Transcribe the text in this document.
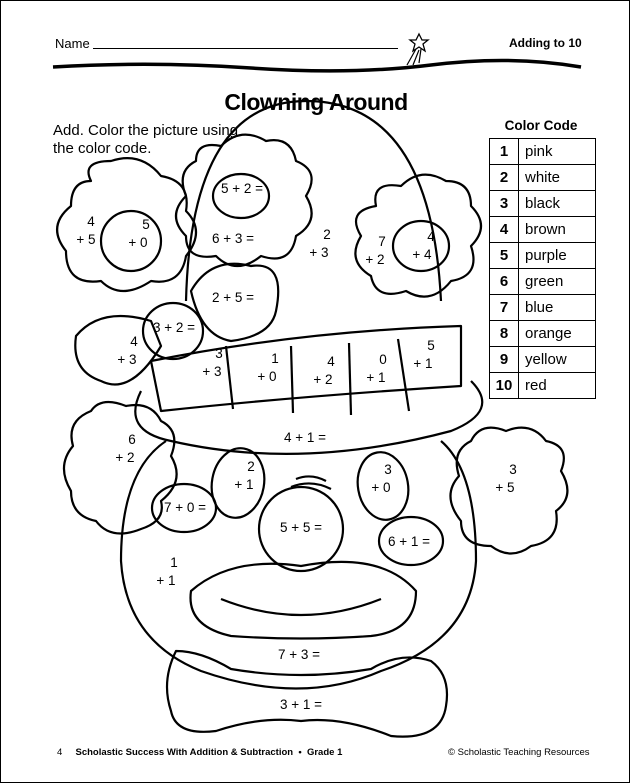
Name	Adding to 10
5 + 2 =
4
+ 5
5
+ 0	6 + 3 =	2
+ 3
7
+ 2
4
+ 4
2 + 5 =
3 + 2 =
4
+ 3	3
+ 3
1
+ 0
4
+ 2
0
+ 1
5
+ 1
4 + 1 =
6
+ 2
2
+ 1
3
+ 0
3
+ 5
7 + 0 =
5 + 5 =
6 + 1 =
1
+ 1
7 + 3 =
3 + 1 =
Clowning Around
Add. Color the picture using the color code.
Color Code
1	pink
2	white
3	black
4	brown
5	purple
6	green
7	blue
8	orange
9	yellow
10	red
4 Scholastic Success With Addition & Subtraction • Grade 1	© Scholastic Teaching Resources
